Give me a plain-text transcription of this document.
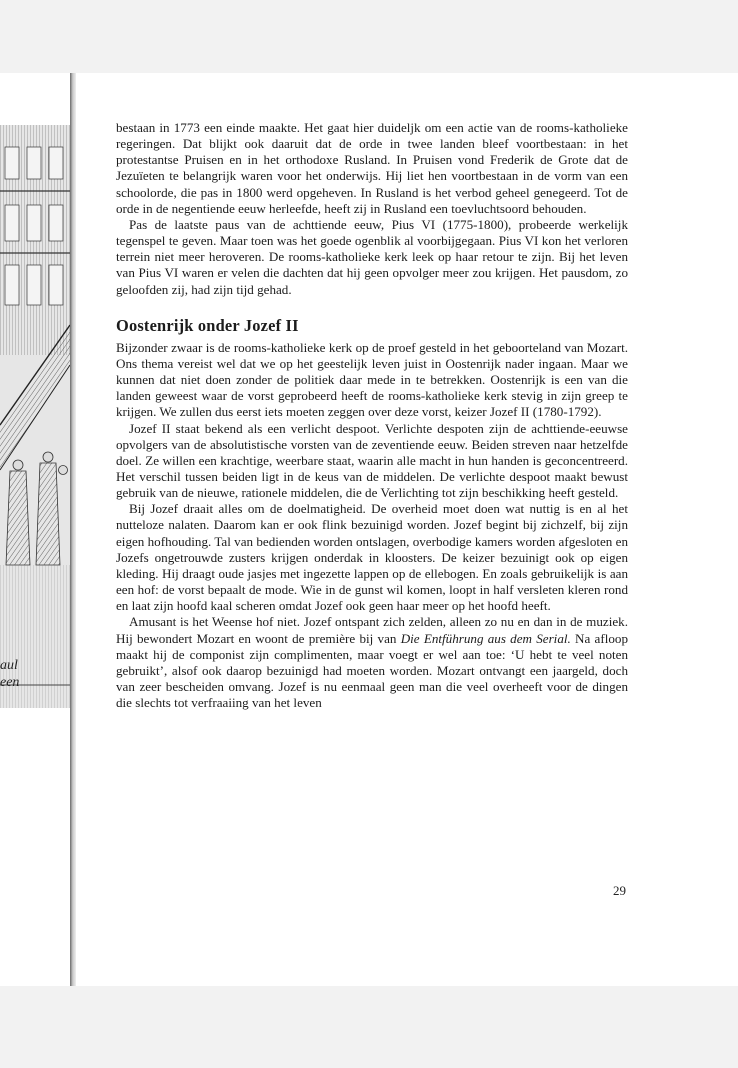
aul
een

bestaan in 1773 een einde maakte. Het gaat hier duideljk om een actie van de rooms-katholieke regeringen. Dat blijkt ook daaruit dat de orde in twee landen bleef voortbestaan: in het protestantse Pruisen en in het orthodoxe Rusland. In Pruisen vond Frederik de Grote dat de Jezuïeten te belangrijk waren voor het onderwijs. Hij liet hen voortbestaan in de vorm van een schoolorde, die pas in 1800 werd opgeheven. In Rusland is het verbod geheel genegeerd. Tot de orde in de negentiende eeuw herleefde, heeft zij in Rusland een toevluchtsoord behouden.

Pas de laatste paus van de achttiende eeuw, Pius VI (1775-1800), probeerde werkelijk tegenspel te geven. Maar toen was het goede ogenblik al voorbijgegaan. Pius VI kon het verloren terrein niet meer heroveren. De rooms-katholieke kerk leek op haar retour te zijn. Bij het leven van Pius VI waren er velen die dachten dat hij geen opvolger meer zou krijgen. Het pausdom, zo geloofden zij, had zijn tijd gehad.

Oostenrijk onder Jozef II

Bijzonder zwaar is de rooms-katholieke kerk op de proef gesteld in het geboorteland van Mozart. Ons thema vereist wel dat we op het geestelijk leven juist in Oostenrijk nader ingaan. Maar we kunnen dat niet doen zonder de politiek daar mede in te betrekken. Oostenrijk is een van die landen geweest waar de vorst geprobeerd heeft de rooms-katholieke kerk stevig in zijn greep te krijgen. We zullen dus eerst iets moeten zeggen over deze vorst, keizer Jozef II (1780-1792).

Jozef II staat bekend als een verlicht despoot. Verlichte despoten zijn de achttiende-eeuwse opvolgers van de absolutistische vorsten van de zeventiende eeuw. Beiden streven naar hetzelfde doel. Ze willen een krachtige, weerbare staat, waarin alle macht in hun handen is geconcentreerd. Het verschil tussen beiden ligt in de keus van de middelen. De verlichte despoot maakt bewust gebruik van de nieuwe, rationele middelen, die de Verlichting tot zijn beschikking heeft gesteld.

Bij Jozef draait alles om de doelmatigheid. De overheid moet doen wat nuttig is en al het nutteloze nalaten. Daarom kan er ook flink bezuinigd worden. Jozef begint bij zichzelf, bij zijn eigen hofhouding. Tal van bedienden worden ontslagen, overbodige kamers worden afgesloten en Jozefs ongetrouwde zusters krijgen onderdak in kloosters. De keizer bezuinigt ook op eigen kleding. Hij draagt oude jasjes met ingezette lappen op de ellebogen. En zoals gebruikelijk is aan een hof: de vorst bepaalt de mode. Wie in de gunst wil komen, loopt in half versleten kleren rond en laat zijn hoofd kaal scheren omdat Jozef ook geen haar meer op het hoofd heeft.

Amusant is het Weense hof niet. Jozef ontspant zich zelden, alleen zo nu en dan in de muziek. Hij bewondert Mozart en woont de première bij van Die Entführung aus dem Serial. Na afloop maakt hij de componist zijn complimenten, maar voegt er wel aan toe: ‘U hebt te veel noten gebruikt’, alsof ook daarop bezuinigd had moeten worden. Mozart ontvangt een jaargeld, doch van zeer bescheiden omvang. Jozef is nu eenmaal geen man die veel overheeft voor de dingen die slechts tot verfraaiing van het leven

29
